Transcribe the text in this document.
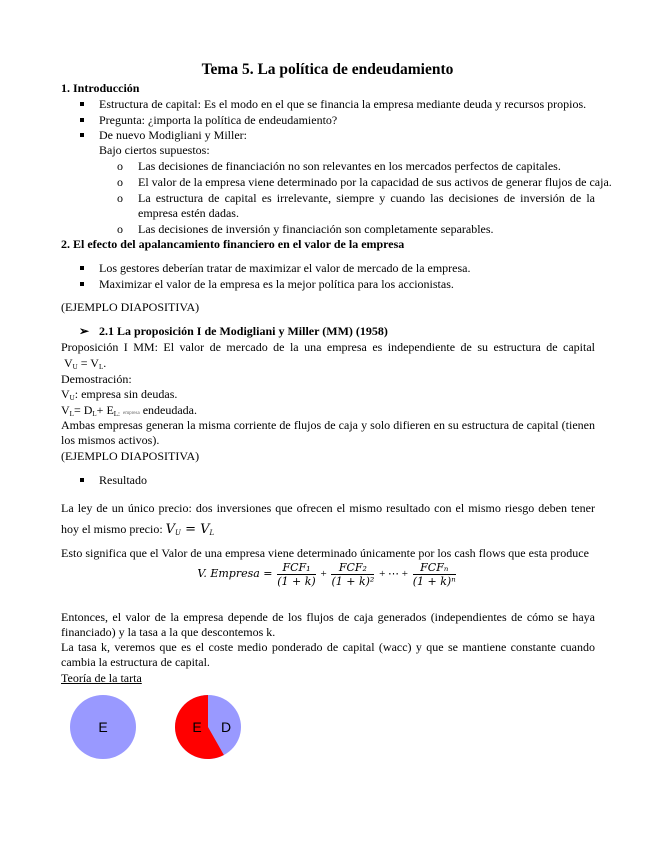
Tema 5. La política de endeudamiento
1. Introducción
Estructura de capital: Es el modo en el que se financia la empresa mediante deuda y recursos propios.
Pregunta: ¿importa la política de endeudamiento?
De nuevo Modigliani y Miller:
Bajo ciertos supuestos:
o Las decisiones de financiación no son relevantes en los mercados perfectos de capitales.
o El valor de la empresa viene determinado por la capacidad de sus activos de generar flujos de caja.
o La estructura de capital es irrelevante, siempre y cuando las decisiones de inversión de la empresa estén dadas.
o Las decisiones de inversión y financiación son completamente separables.
2. El efecto del apalancamiento financiero en el valor de la empresa
Los gestores deberían tratar de maximizar el valor de mercado de la empresa.
Maximizar el valor de la empresa es la mejor política para los accionistas.
(EJEMPLO DIAPOSITIVA)
➢ 2.1 La proposición I de Modigliani y Miller (MM) (1958)
Proposición I MM: El valor de mercado de la una empresa es independiente de su estructura de capital
$V_U = V_L$.
Demostración:
$V_U$: empresa sin deudas.
$V_L= D_L+ E_{L:}$ empresa endeudada.
Ambas empresas generan la misma corriente de flujos de caja y solo difieren en su estructura de capital (tienen los mismos activos).
(EJEMPLO DIAPOSITIVA)
Resultado
La ley de un único precio: dos inversiones que ofrecen el mismo resultado con el mismo riesgo deben tener hoy el mismo precio: $V_U = V_L$
Esto significa que el Valor de una empresa viene determinado únicamente por los cash flows que esta produce
V. Empresa = $\frac{\text{FCF₁}}{(1 + k)} + \frac{\text{FCF₂}}{\text{(1 + k)²}}$ + ⋯ + $\frac{\text{FCFₙ}}{\text{(1 + k)ⁿ}}$
Entonces, el valor de la empresa depende de los flujos de caja generados (independientes de cómo se haya financiado) y la tasa a la que descontemos k.
La tasa k, veremos que es el coste medio ponderado de capital (wacc) y que se mantiene constante cuando cambia la estructura de capital.
Teoría de la tarta
E	E D
